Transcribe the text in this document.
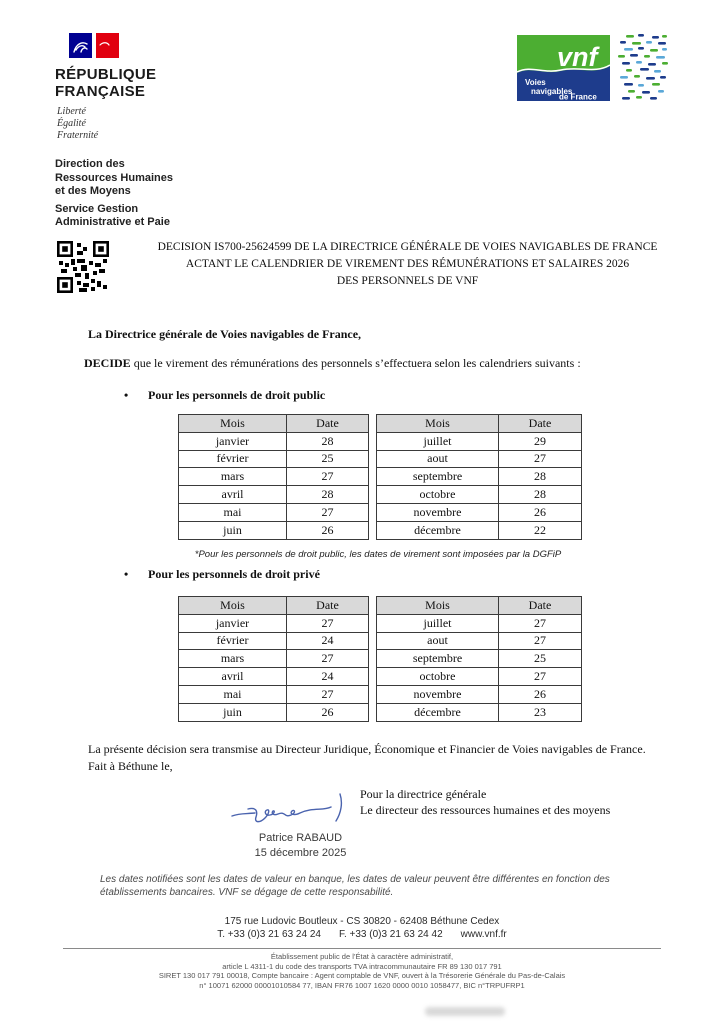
RÉPUBLIQUE
FRANÇAISE
Liberté
Égalité
Fraternité
vnf
Voies
navigables
de France
Direction des
Ressources Humaines
et des Moyens
Service Gestion
Administrative et Paie
DECISION IS700-25624599 DE LA DIRECTRICE GÉNÉRALE DE VOIES NAVIGABLES DE FRANCE
ACTANT LE CALENDRIER DE VIREMENT DES RÉMUNÉRATIONS ET SALAIRES 2026
DES PERSONNELS DE VNF
La Directrice générale de Voies navigables de France,
DECIDE que le virement des rémunérations des personnels s’effectuera selon les calendriers suivants :
•	Pour les personnels de droit public
Mois	Date
janvier	28
février	25
mars	27
avril	28
mai	27
juin	26
Mois	Date
juillet	29
aout	27
septembre	28
octobre	28
novembre	26
décembre	22
*Pour les personnels de droit public, les dates de virement sont imposées par la DGFiP
•	Pour les personnels de droit privé
Mois	Date
janvier	27
février	24
mars	27
avril	24
mai	27
juin	26
Mois	Date
juillet	27
aout	27
septembre	25
octobre	27
novembre	26
décembre	23
La présente décision sera transmise au Directeur Juridique, Économique et Financier de Voies navigables de France.
Fait à Béthune le,
Pour la directrice générale
Le directeur des ressources humaines et des moyens
Patrice RABAUD
15 décembre 2025
Les dates notifiées sont les dates de valeur en banque, les dates de valeur peuvent être différentes en fonction des
établissements bancaires. VNF se dégage de cette responsabilité.
175 rue Ludovic Boutleux - CS 30820 - 62408 Béthune Cedex
T. +33 (0)3 21 63 24 24 F. +33 (0)3 21 63 24 42 www.vnf.fr
Établissement public de l’État à caractère administratif,
article L 4311-1 du code des transports TVA intracommunautaire FR 89 130 017 791
SIRET 130 017 791 00018, Compte bancaire : Agent comptable de VNF, ouvert à la Trésorerie Générale du Pas-de-Calais
n° 10071 62000 00001010584 77, IBAN FR76 1007 1620 0000 0010 1058477, BIC n°TRPUFRP1
